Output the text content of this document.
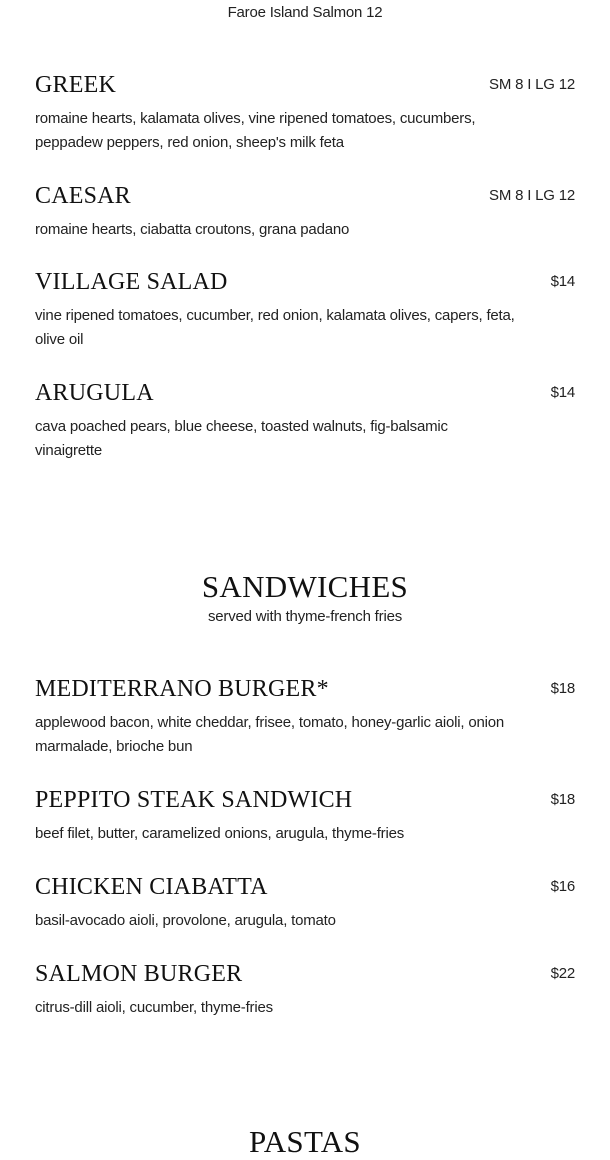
Faroe Island Salmon 12
GREEK	SM 8 I LG 12
romaine hearts, kalamata olives, vine ripened tomatoes, cucumbers, peppadew peppers, red onion, sheep's milk feta
CAESAR	SM 8 I LG 12
romaine hearts, ciabatta croutons, grana padano
VILLAGE SALAD	$14
vine ripened tomatoes, cucumber, red onion, kalamata olives, capers, feta, olive oil
ARUGULA	$14
cava poached pears, blue cheese, toasted walnuts, fig-balsamic vinaigrette
SANDWICHES
served with thyme-french fries
MEDITERRANO BURGER*	$18
applewood bacon, white cheddar, frisee, tomato, honey-garlic aioli, onion marmalade, brioche bun
PEPPITO STEAK SANDWICH	$18
beef filet, butter, caramelized onions, arugula, thyme-fries
CHICKEN CIABATTA	$16
basil-avocado aioli, provolone, arugula, tomato
SALMON BURGER	$22
citrus-dill aioli, cucumber, thyme-fries
PASTAS
